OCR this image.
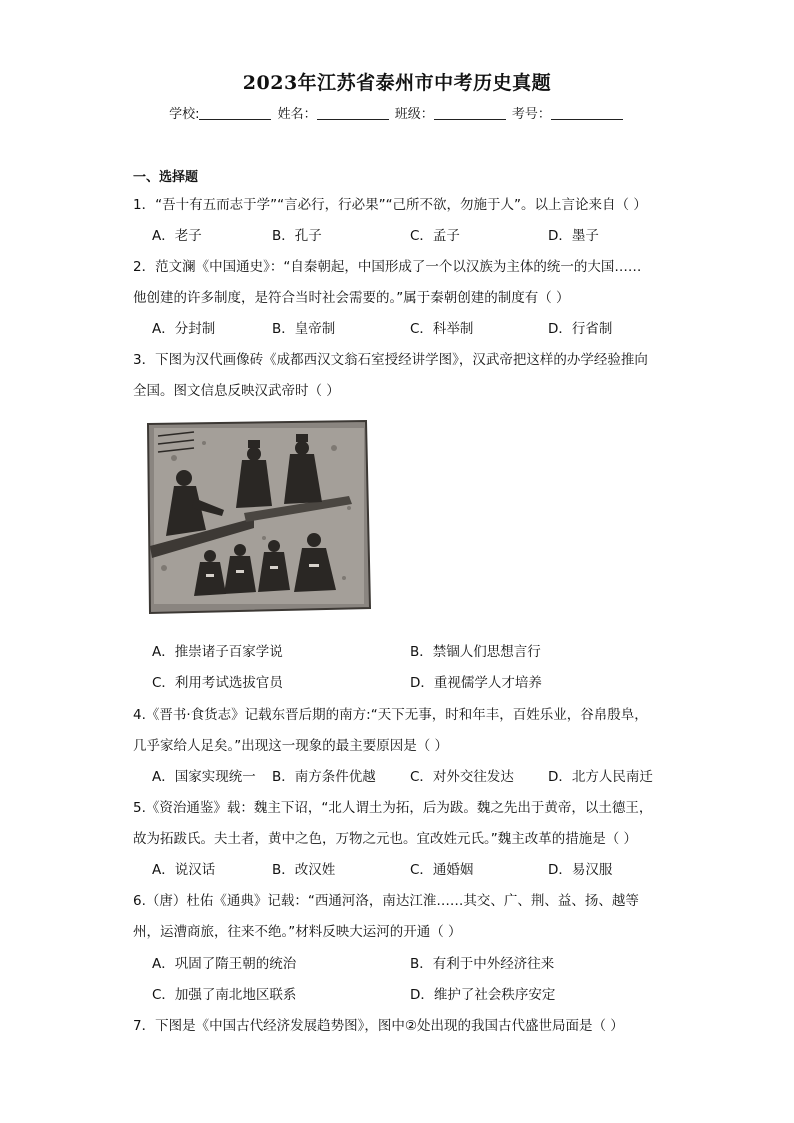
2023年江苏省泰州市中考历史真题
学校:	姓名：	班级：	考号：
一、选择题
1．“吾十有五而志于学”“言必行，行必果”“己所不欲，勿施于人”。以上言论来自（ ）
A．老子	B．孔子	C．孟子	D．墨子
2．范文澜《中国通史》：“自秦朝起，中国形成了一个以汉族为主体的统一的大国……
他创建的许多制度，是符合当时社会需要的。”属于秦朝创建的制度有（ ）
A．分封制	B．皇帝制	C．科举制	D．行省制
3．下图为汉代画像砖《成都西汉文翁石室授经讲学图》，汉武帝把这样的办学经验推向
全国。图文信息反映汉武帝时（ ）
A．推崇诸子百家学说	B．禁锢人们思想言行
C．利用考试选拔官员	D．重视儒学人才培养
4.《晋书·食货志》记载东晋后期的南方:“天下无事，时和年丰，百姓乐业，谷帛殷阜，
几乎家给人足矣。”出现这一现象的最主要原因是（ ）
A．国家实现统一 B．南方条件优越	C．对外交往发达	D．北方人民南迁
5.《资治通鉴》载：魏主下诏，“北人谓土为拓，后为跋。魏之先出于黄帝，以土德王，
故为拓跋氏。夫土者，黄中之色，万物之元也。宜改姓元氏。”魏主改革的措施是（ ）
A．说汉话	B．改汉姓	C．通婚姻	D．易汉服
6.（唐）杜佑《通典》记载：“西通河洛，南达江淮……其交、广、荆、益、扬、越等
州，运漕商旅，往来不绝。”材料反映大运河的开通（ ）
A．巩固了隋王朝的统治	B．有利于中外经济往来
C．加强了南北地区联系	D．维护了社会秩序安定
7．下图是《中国古代经济发展趋势图》，图中②处出现的我国古代盛世局面是（ ）
